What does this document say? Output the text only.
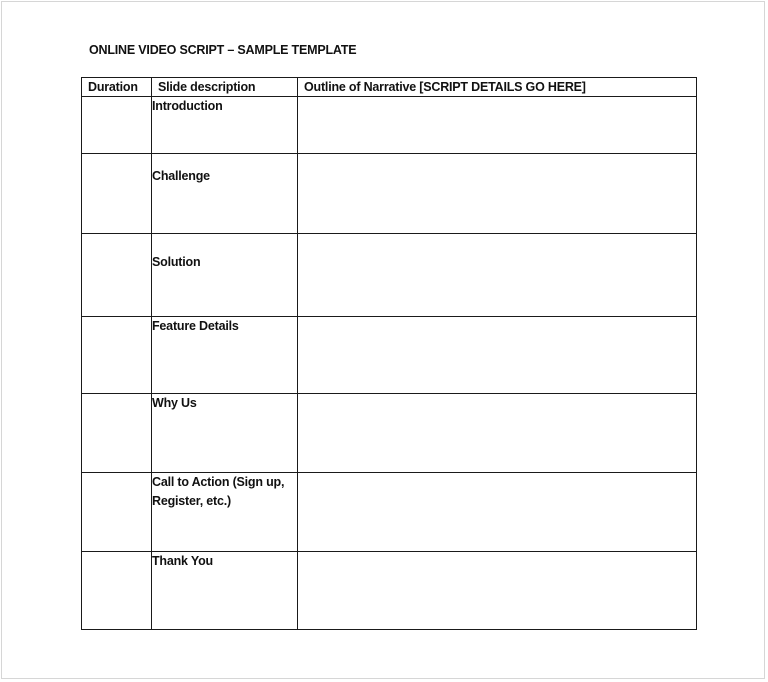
ONLINE VIDEO SCRIPT – SAMPLE TEMPLATE
Duration	Slide description	Outline of Narrative [SCRIPT DETAILS GO HERE]
	Introduction	
	Challenge	
	Solution	
	Feature Details	
	Why Us	
	Call to Action (Sign up, Register, etc.)	
	Thank You	
